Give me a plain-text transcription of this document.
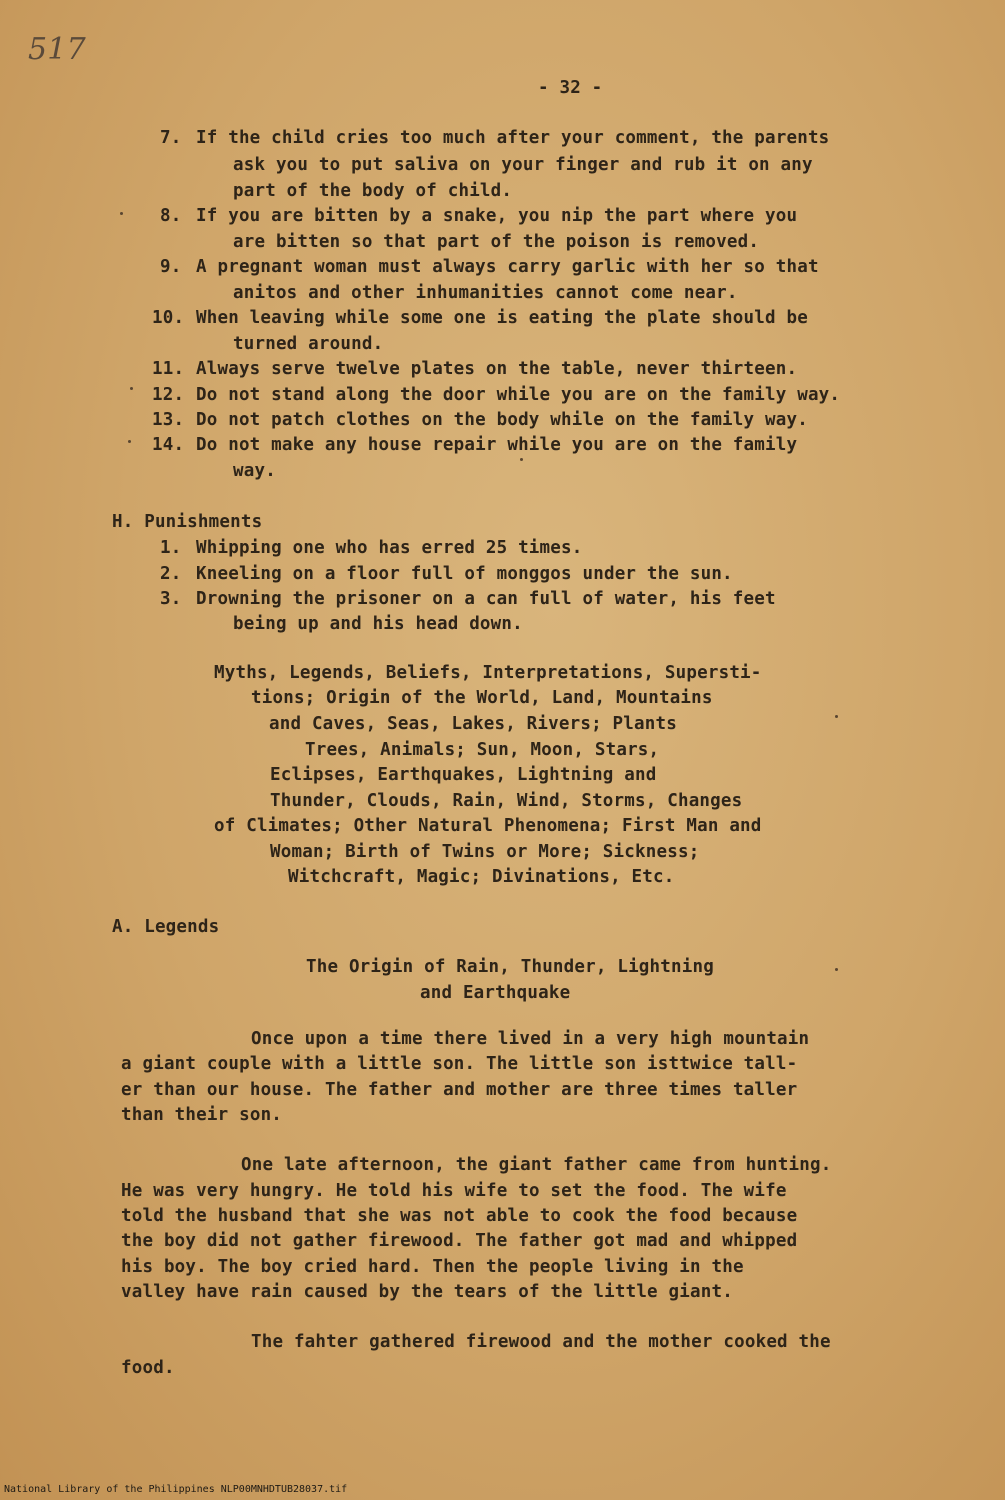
517
- 32 -
7. If the child cries too much after your comment, the parents
ask you to put saliva on your finger and rub it on any
part of the body of child.
8. If you are bitten by a snake, you nip the part where you
are bitten so that part of the poison is removed.
9. A pregnant woman must always carry garlic with her so that
anitos and other inhumanities cannot come near.
10. When leaving while some one is eating the plate should be
turned around.
11. Always serve twelve plates on the table, never thirteen.
12. Do not stand along the door while you are on the family way.
13. Do not patch clothes on the body while on the family way.
14. Do not make any house repair while you are on the family
way.
H. Punishments
1. Whipping one who has erred 25 times.
2. Kneeling on a floor full of monggos under the sun.
3. Drowning the prisoner on a can full of water, his feet
being up and his head down.
Myths, Legends, Beliefs, Interpretations, Supersti-
tions; Origin of the World, Land, Mountains
and Caves, Seas, Lakes, Rivers; Plants
Trees, Animals; Sun, Moon, Stars,
Eclipses, Earthquakes, Lightning and
Thunder, Clouds, Rain, Wind, Storms, Changes
of Climates; Other Natural Phenomena; First Man and
Woman; Birth of Twins or More; Sickness;
Witchcraft, Magic; Divinations, Etc.
A. Legends
The Origin of Rain, Thunder, Lightning
and Earthquake
Once upon a time there lived in a very high mountain
a giant couple with a little son. The little son isttwice tall-
er than our house. The father and mother are three times taller
than their son.
One late afternoon, the giant father came from hunting.
He was very hungry. He told his wife to set the food. The wife
told the husband that she was not able to cook the food because
the boy did not gather firewood. The father got mad and whipped
his boy. The boy cried hard. Then the people living in the
valley have rain caused by the tears of the little giant.
The fahter gathered firewood and the mother cooked the
food.
National Library of the Philippines NLP00MNHDTUB28037.tif
